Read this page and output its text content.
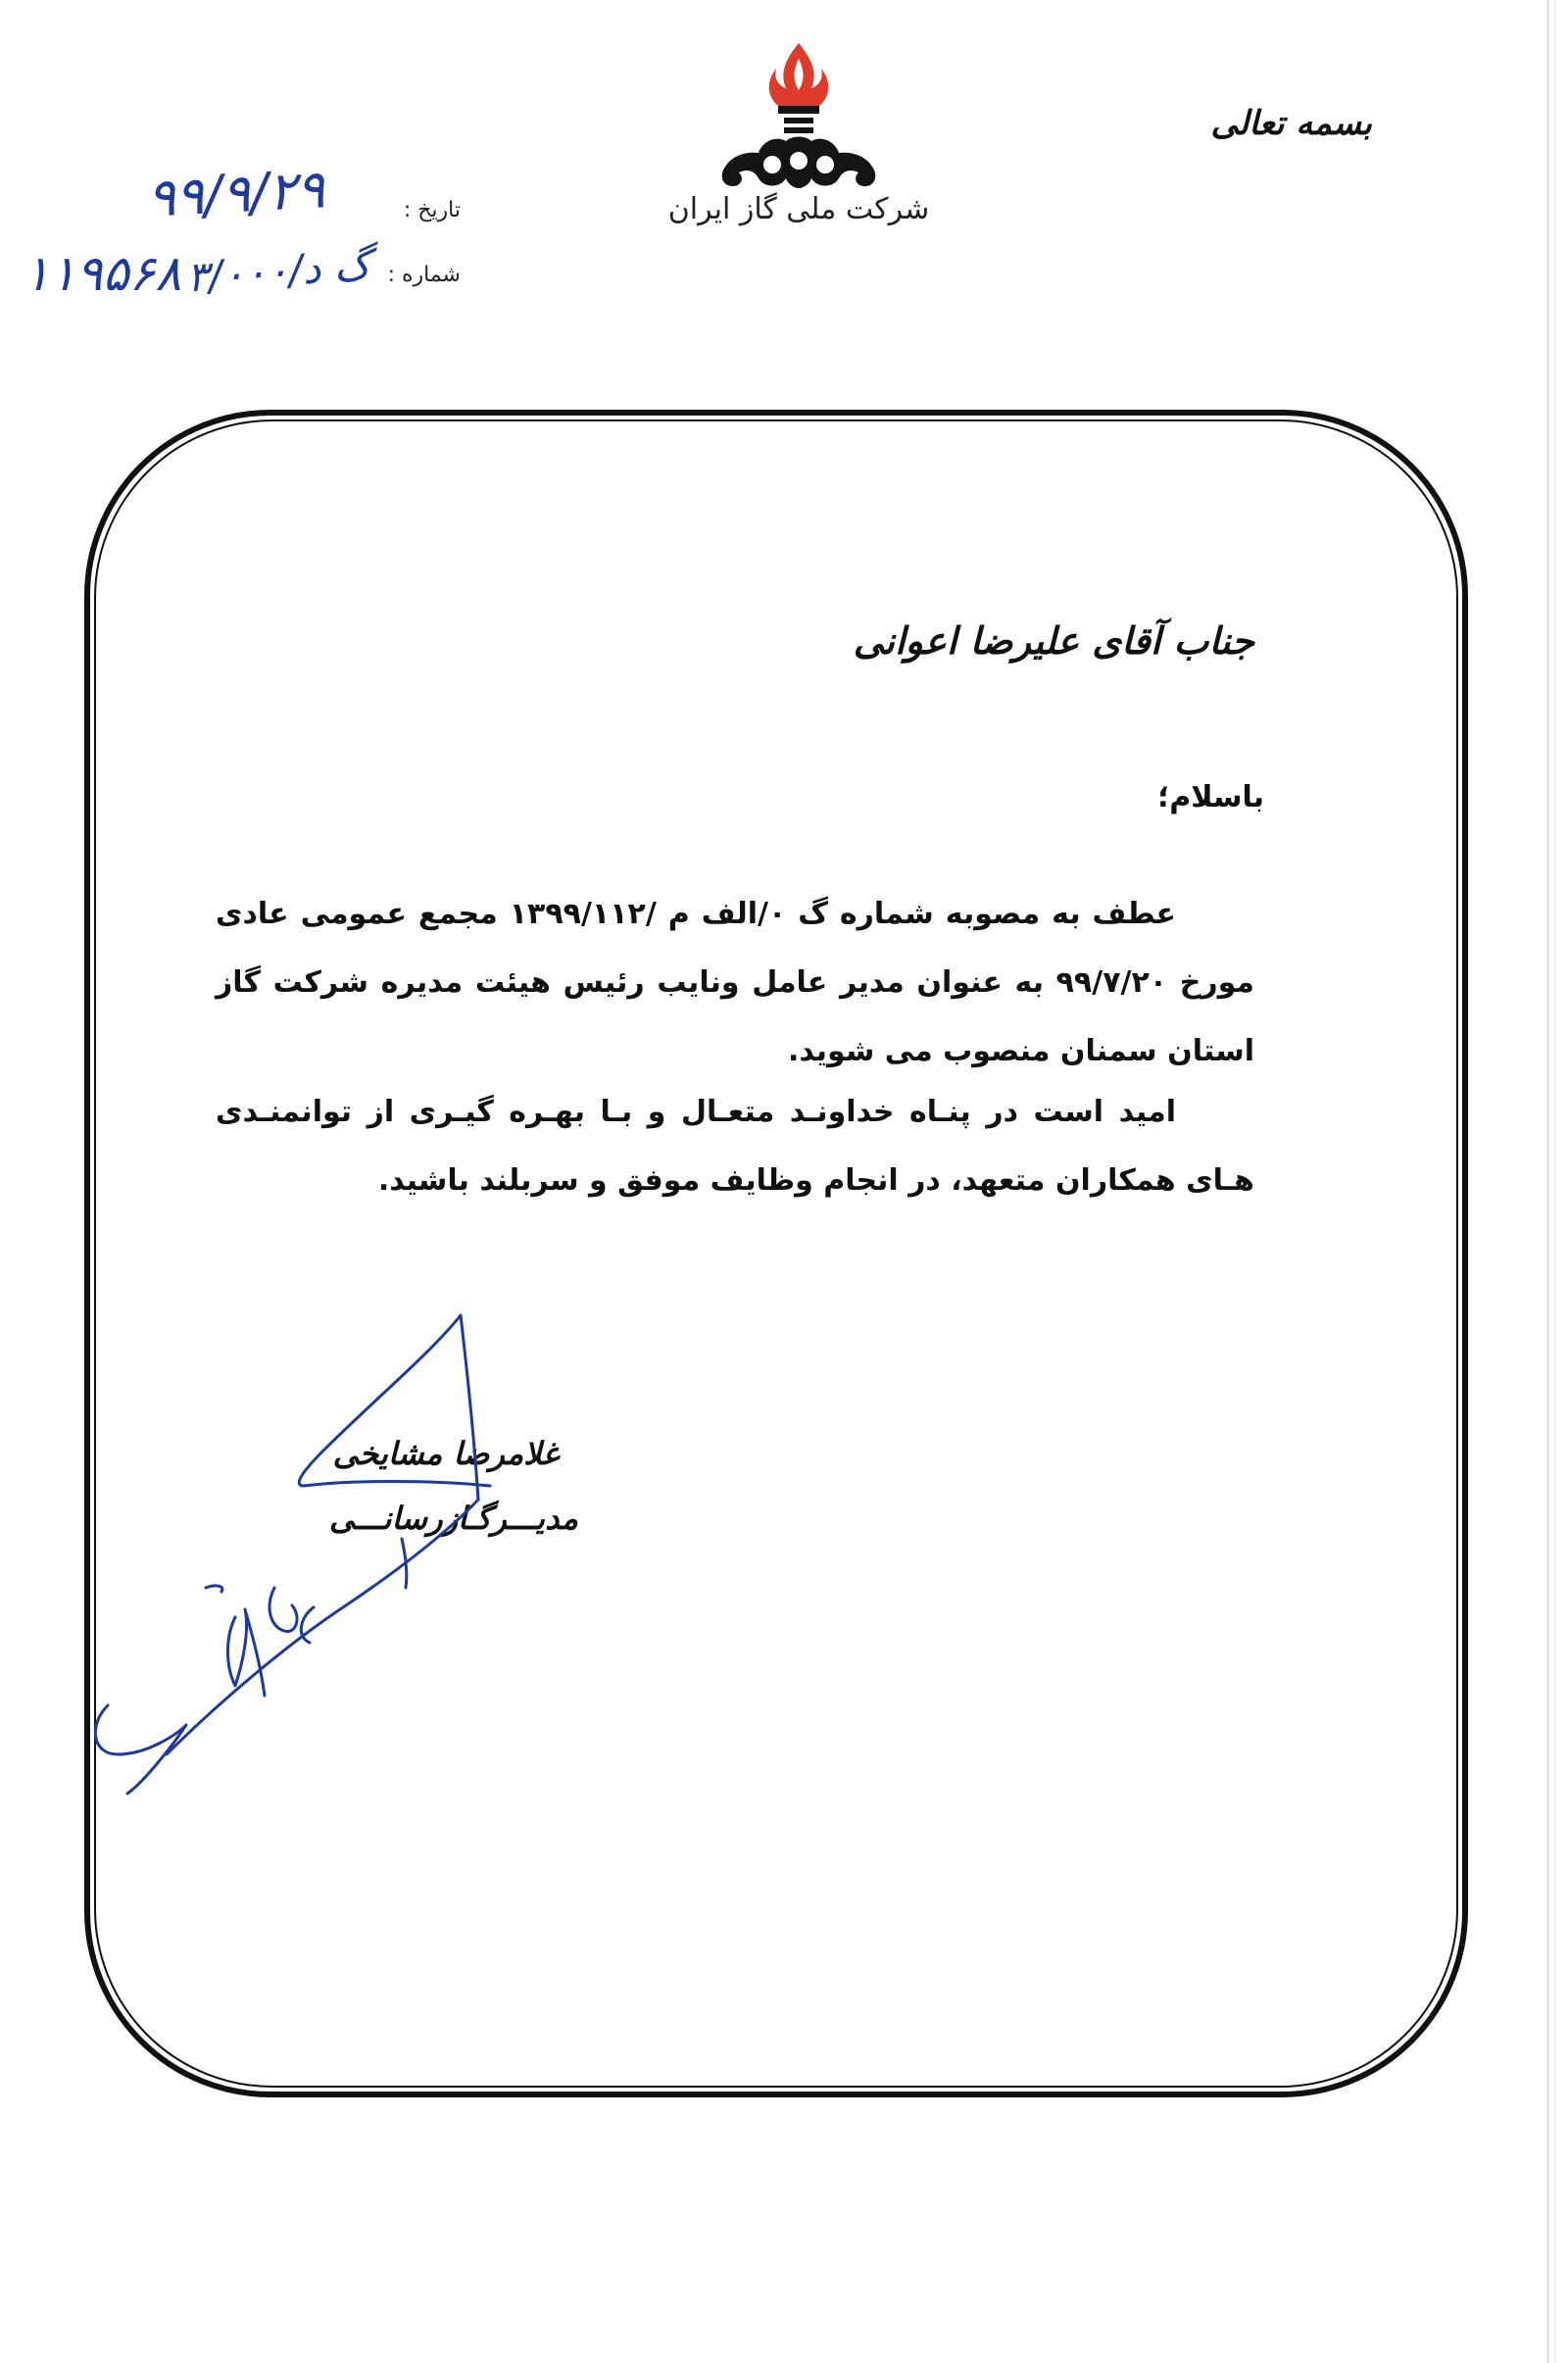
شرکت ملی گاز ایران
بسمه تعالی
تاریخ :
شماره :
۹۹/۹/۲۹
۱۱۹۵۶۸ گ د/۳/۰۰۰
جناب آقای علیرضا اعوانی
باسلام؛
عطف به مصوبه شماره گ ۰/الف م /۱۳۹۹/۱۱۲ مجمع عمومی عادی مورخ ۹۹/۷/۲۰ به عنوان مدیر عامل ونایب رئیس هیئت مدیره شرکت گاز استان سمنان منصوب می شوید.
امید است در پنـاه خداونـد متعـال و بـا بهـره گیـری از توانمنـدی هـای همکاران متعهد، در انجام وظایف موفق و سربلند باشید.
غلامرضا مشایخی
مدیـــرگـازرسانـــی
